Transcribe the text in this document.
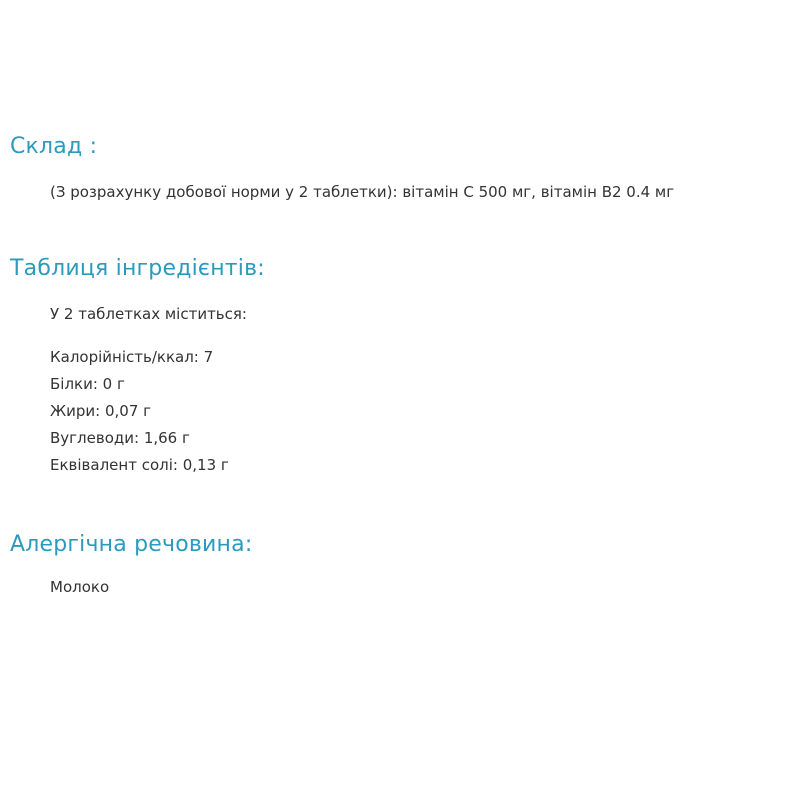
Склад :

(З розрахунку добової норми у 2 таблетки): вітамін С 500 мг, вітамін В2 0.4 мг

Таблиця інгредієнтів:

У 2 таблетках міститься:

Калорійність/ккал: 7
Білки: 0 г
Жири: 0,07 г
Вуглеводи: 1,66 г
Еквівалент солі: 0,13 г
Алергічна речовина:

Молоко
